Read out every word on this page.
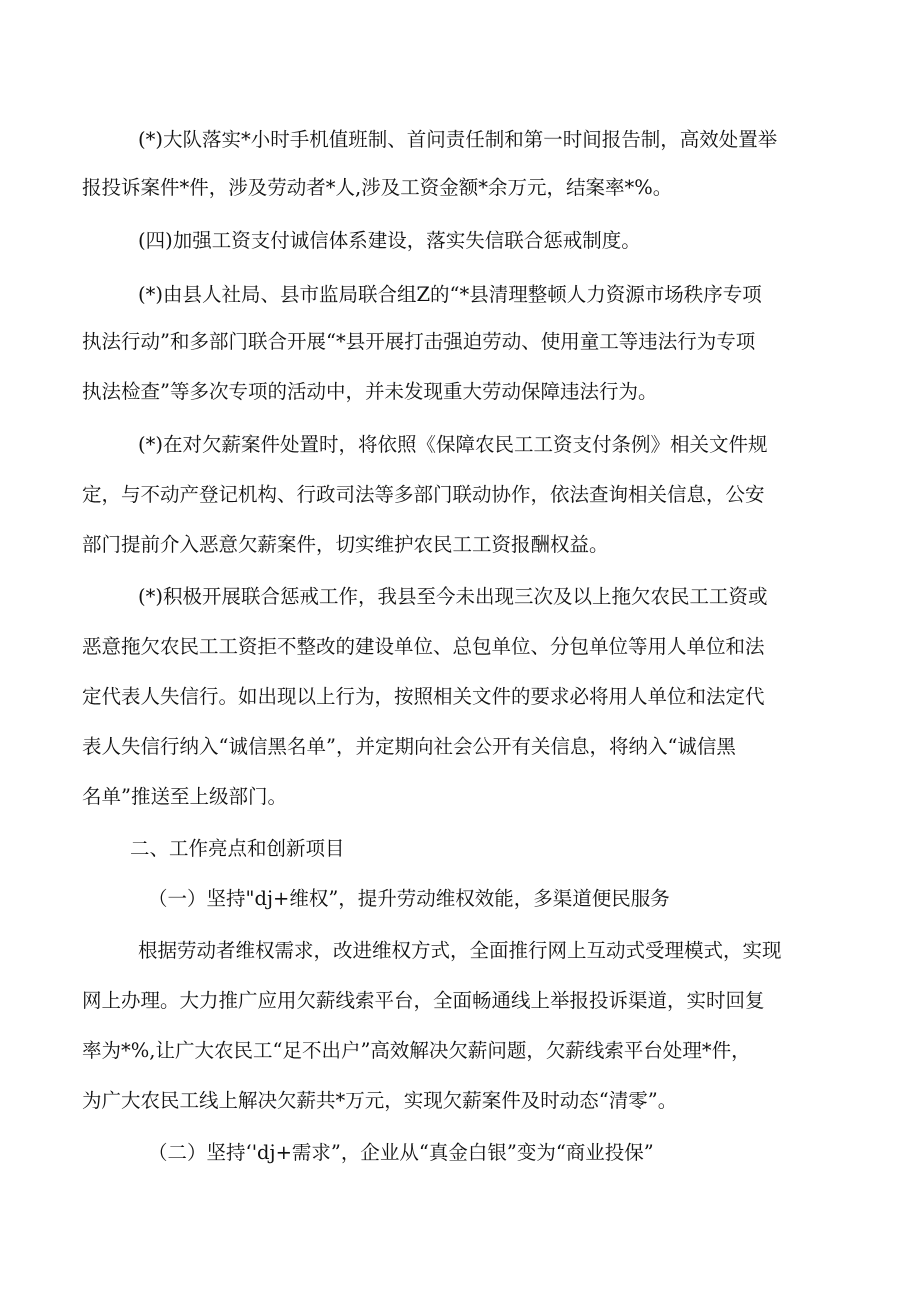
(*)大队落实*小时手机值班制、首问责任制和第一时间报告制，高效处置举
报投诉案件*件，涉及劳动者*人,涉及工资金额*余万元，结案率*%。
(四)加强工资支付诚信体系建设，落实失信联合惩戒制度。
(*)由县人社局、县市监局联合组Z的“*县清理整顿人力资源市场秩序专项
执法行动”和多部门联合开展“*县开展打击强迫劳动、使用童工等违法行为专项
执法检查”等多次专项的活动中，并未发现重大劳动保障违法行为。
(*)在对欠薪案件处置时，将依照《保障农民工工资支付条例》相关文件规
定，与不动产登记机构、行政司法等多部门联动协作，依法查询相关信息，公安
部门提前介入恶意欠薪案件，切实维护农民工工资报酬权益。
(*)积极开展联合惩戒工作，我县至今未出现三次及以上拖欠农民工工资或
恶意拖欠农民工工资拒不整改的建设单位、总包单位、分包单位等用人单位和法
定代表人失信行。如出现以上行为，按照相关文件的要求必将用人单位和法定代
表人失信行纳入“诚信黑名单”，并定期向社会公开有关信息，将纳入“诚信黑
名单”推送至上级部门。
二、工作亮点和创新项目
（一）坚持"dj+维权”，提升劳动维权效能，多渠道便民服务
根据劳动者维权需求，改进维权方式，全面推行网上互动式受理模式，实现
网上办理。大力推广应用欠薪线索平台，全面畅通线上举报投诉渠道，实时回复
率为*%,让广大农民工“足不出户”高效解决欠薪问题，欠薪线索平台处理*件，
为广大农民工线上解决欠薪共*万元，实现欠薪案件及时动态“清零”。
（二）坚持‘'dj+需求”，企业从“真金白银”变为“商业投保”
